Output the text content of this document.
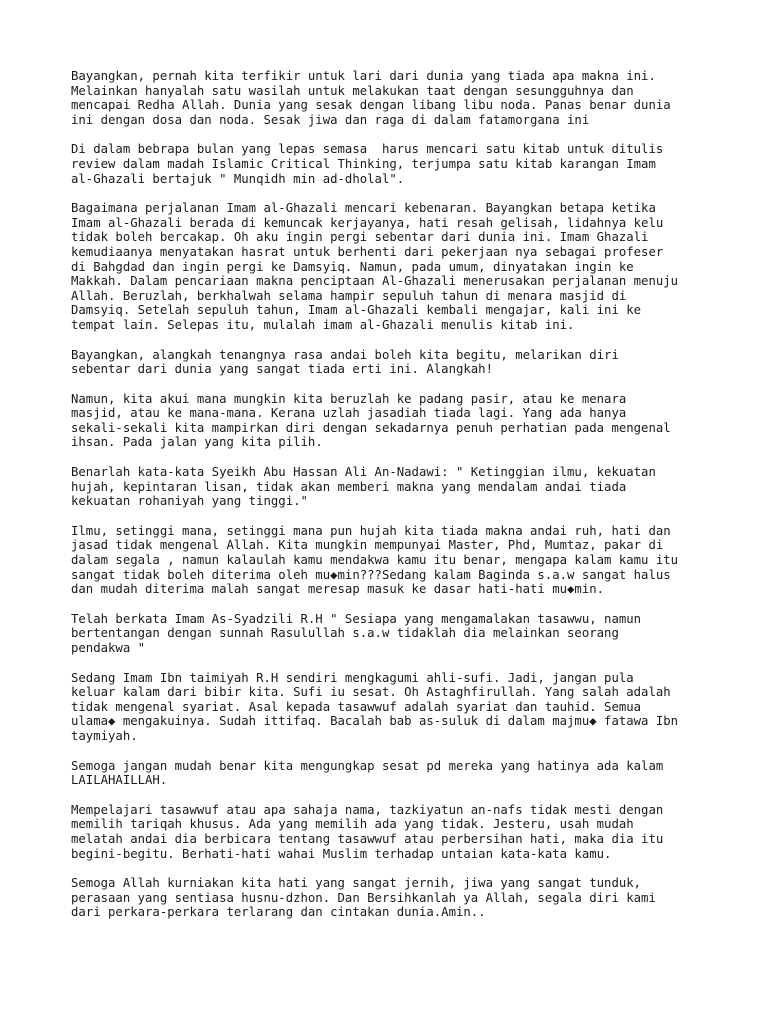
Bayangkan, pernah kita terfikir untuk lari dari dunia yang tiada apa makna ini.
Melainkan hanyalah satu wasilah untuk melakukan taat dengan sesungguhnya dan
mencapai Redha Allah. Dunia yang sesak dengan libang libu noda. Panas benar dunia
ini dengan dosa dan noda. Sesak jiwa dan raga di dalam fatamorgana ini
Di dalam bebrapa bulan yang lepas semasa  harus mencari satu kitab untuk ditulis
review dalam madah Islamic Critical Thinking, terjumpa satu kitab karangan Imam
al-Ghazali bertajuk " Munqidh min ad-dholal".
Bagaimana perjalanan Imam al-Ghazali mencari kebenaran. Bayangkan betapa ketika
Imam al-Ghazali berada di kemuncak kerjayanya, hati resah gelisah, lidahnya kelu
tidak boleh bercakap. Oh aku ingin pergi sebentar dari dunia ini. Imam Ghazali
kemudiaanya menyatakan hasrat untuk berhenti dari pekerjaan nya sebagai profeser
di Bahgdad dan ingin pergi ke Damsyiq. Namun, pada umum, dinyatakan ingin ke
Makkah. Dalam pencariaan makna penciptaan Al-Ghazali menerusakan perjalanan menuju
Allah. Beruzlah, berkhalwah selama hampir sepuluh tahun di menara masjid di
Damsyiq. Setelah sepuluh tahun, Imam al-Ghazali kembali mengajar, kali ini ke
tempat lain. Selepas itu, mulalah imam al-Ghazali menulis kitab ini.
Bayangkan, alangkah tenangnya rasa andai boleh kita begitu, melarikan diri
sebentar dari dunia yang sangat tiada erti ini. Alangkah!
Namun, kita akui mana mungkin kita beruzlah ke padang pasir, atau ke menara
masjid, atau ke mana-mana. Kerana uzlah jasadiah tiada lagi. Yang ada hanya
sekali-sekali kita mampirkan diri dengan sekadarnya penuh perhatian pada mengenal
ihsan. Pada jalan yang kita pilih.
Benarlah kata-kata Syeikh Abu Hassan Ali An-Nadawi: " Ketinggian ilmu, kekuatan
hujah, kepintaran lisan, tidak akan memberi makna yang mendalam andai tiada
kekuatan rohaniyah yang tinggi."
Ilmu, setinggi mana, setinggi mana pun hujah kita tiada makna andai ruh, hati dan
jasad tidak mengenal Allah. Kita mungkin mempunyai Master, Phd, Mumtaz, pakar di
dalam segala , namun kalaulah kamu mendakwa kamu itu benar, mengapa kalam kamu itu
sangat tidak boleh diterima oleh mu◆min???Sedang kalam Baginda s.a.w sangat halus
dan mudah diterima malah sangat meresap masuk ke dasar hati-hati mu◆min.
Telah berkata Imam As-Syadzili R.H " Sesiapa yang mengamalakan tasawwu, namun
bertentangan dengan sunnah Rasulullah s.a.w tidaklah dia melainkan seorang
pendakwa "
Sedang Imam Ibn taimiyah R.H sendiri mengkagumi ahli-sufi. Jadi, jangan pula
keluar kalam dari bibir kita. Sufi iu sesat. Oh Astaghfirullah. Yang salah adalah
tidak mengenal syariat. Asal kepada tasawwuf adalah syariat dan tauhid. Semua
ulama◆ mengakuinya. Sudah ittifaq. Bacalah bab as-suluk di dalam majmu◆ fatawa Ibn
taymiyah.
Semoga jangan mudah benar kita mengungkap sesat pd mereka yang hatinya ada kalam
LAILAHAILLAH.
Mempelajari tasawwuf atau apa sahaja nama, tazkiyatun an-nafs tidak mesti dengan
memilih tariqah khusus. Ada yang memilih ada yang tidak. Jesteru, usah mudah
melatah andai dia berbicara tentang tasawwuf atau perbersihan hati, maka dia itu
begini-begitu. Berhati-hati wahai Muslim terhadap untaian kata-kata kamu.
Semoga Allah kurniakan kita hati yang sangat jernih, jiwa yang sangat tunduk,
perasaan yang sentiasa husnu-dzhon. Dan Bersihkanlah ya Allah, segala diri kami
dari perkara-perkara terlarang dan cintakan dunia.Amin..
